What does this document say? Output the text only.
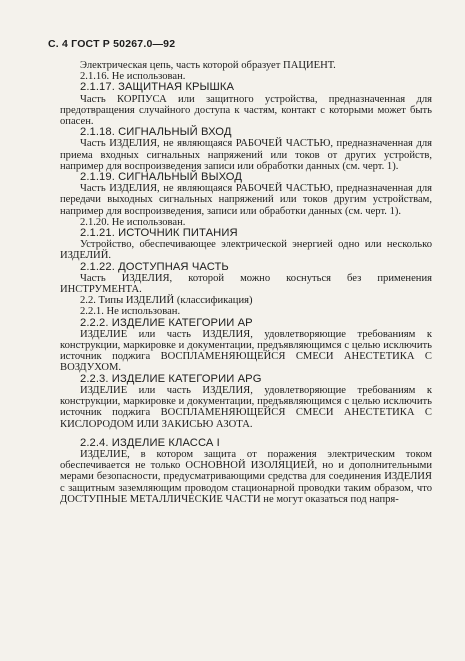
С. 4 ГОСТ Р 50267.0—92

Электрическая цепь, часть которой образует ПАЦИЕНТ.

2.1.16. Не использован.

2.1.17. ЗАЩИТНАЯ КРЫШКА

Часть КОРПУСА или защитного устройства, предназначенная для предотвращения случайного доступа к частям, контакт с которыми может быть опасен.

2.1.18. СИГНАЛЬНЫЙ ВХОД

Часть ИЗДЕЛИЯ, не являющаяся РАБОЧЕЙ ЧАСТЬЮ, предназначенная для приема входных сигнальных напряжений или токов от других устройств, например для воспроизведения записи или обработки данных (см. черт. 1).

2.1.19. СИГНАЛЬНЫЙ ВЫХОД

Часть ИЗДЕЛИЯ, не являющаяся РАБОЧЕЙ ЧАСТЬЮ, предназначенная для передачи выходных сигнальных напряжений или токов другим устройствам, например для воспроизведения, записи или обработки данных (см. черт. 1).

2.1.20. Не использован.

2.1.21. ИСТОЧНИК ПИТАНИЯ

Устройство, обеспечивающее электрической энергией одно или несколько ИЗДЕЛИЙ.

2.1.22. ДОСТУПНАЯ ЧАСТЬ

Часть ИЗДЕЛИЯ, которой можно коснуться без применения ИНСТРУМЕНТА.

2.2. Типы ИЗДЕЛИЙ (классификация)

2.2.1. Не использован.

2.2.2. ИЗДЕЛИЕ КАТЕГОРИИ АР

ИЗДЕЛИЕ или часть ИЗДЕЛИЯ, удовлетворяющие требованиям к конструкции, маркировке и документации, предъявляющимся с целью исключить источник поджига ВОСПЛАМЕНЯЮЩЕЙСЯ СМЕСИ АНЕСТЕТИКА С ВОЗДУХОМ.

2.2.3. ИЗДЕЛИЕ КАТЕГОРИИ APG

ИЗДЕЛИЕ или часть ИЗДЕЛИЯ, удовлетворяющие требованиям к конструкции, маркировке и документации, предъявляющимся с целью исключить источник поджига ВОСПЛАМЕНЯЮЩЕЙСЯ СМЕСИ АНЕСТЕТИКА С КИСЛОРОДОМ ИЛИ ЗАКИСЬЮ АЗОТА.

2.2.4. ИЗДЕЛИЕ КЛАССА I

ИЗДЕЛИЕ, в котором защита от поражения электрическим током обеспечивается не только ОСНОВНОЙ ИЗОЛЯЦИЕЙ, но и дополнительными мерами безопасности, предусматривающими средства для соединения ИЗДЕЛИЯ с защитным заземляющим проводом стационарной проводки таким образом, что ДОСТУПНЫЕ МЕТАЛЛИЧЕСКИЕ ЧАСТИ не могут оказаться под напря-
